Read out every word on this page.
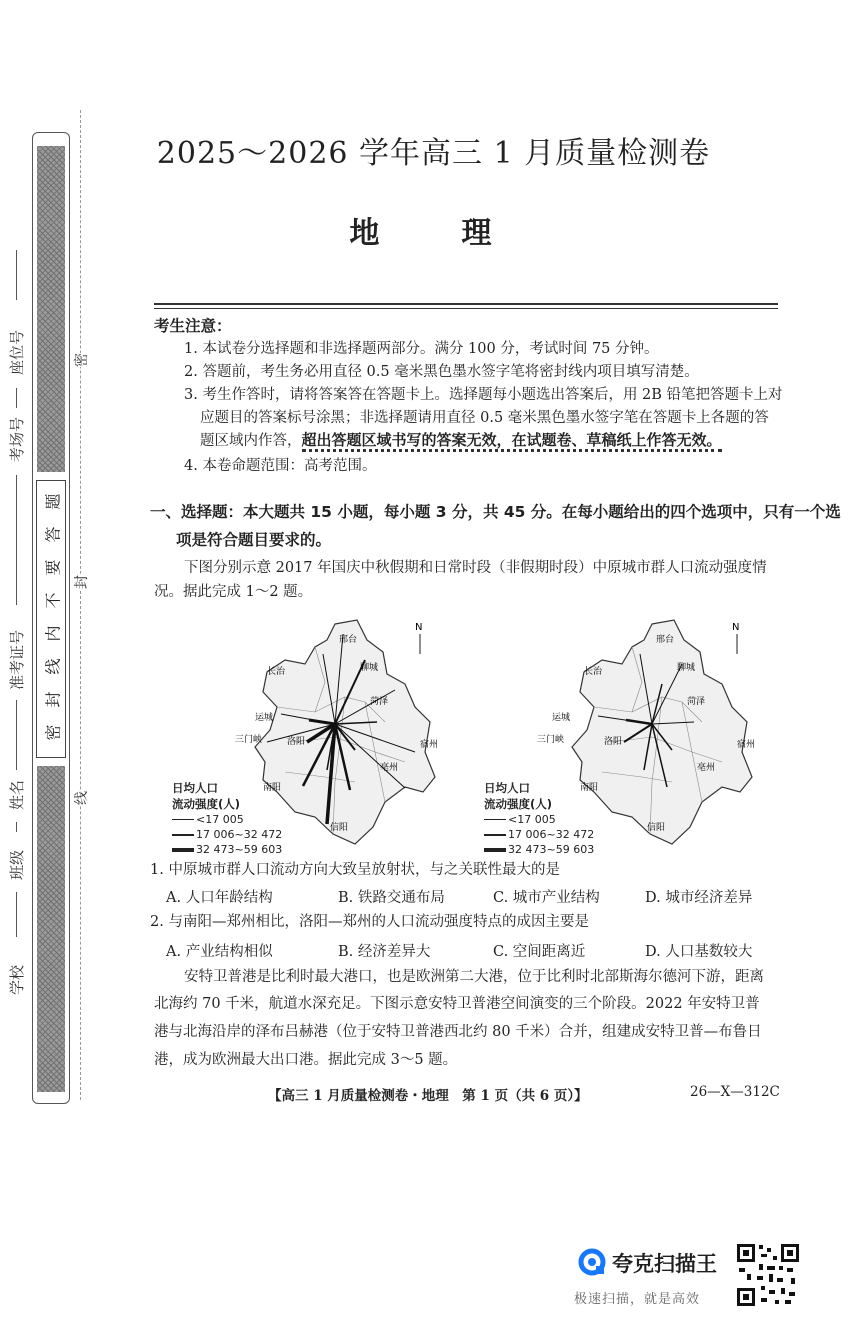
密
封
线
内
不
要
答
题
座位号
考场号
准考证号
姓名
班级
学校
密
封
线
2025～2026 学年高三 1 月质量检测卷
地　理
考生注意：
1. 本试卷分选择题和非选择题两部分。满分 100 分，考试时间 75 分钟。
2. 答题前，考生务必用直径 0.5 毫米黑色墨水签字笔将密封线内项目填写清楚。
3. 考生作答时，请将答案答在答题卡上。选择题每小题选出答案后，用 2B 铅笔把答题卡上对
应题目的答案标号涂黑；非选择题请用直径 0.5 毫米黑色墨水签字笔在答题卡上各题的答
题区域内作答，超出答题区域书写的答案无效，在试题卷、草稿纸上作答无效。
4. 本卷命题范围：高考范围。
一、选择题：本大题共 15 小题，每小题 3 分，共 45 分。在每小题给出的四个选项中，只有一个选
项是符合题目要求的。
下图分别示意 2017 年国庆中秋假期和日常时段（非假期时段）中原城市群人口流动强度情
况。据此完成 1～2 题。
邢台
聊城
长治
运城
菏泽
三门峡	洛阳
南阳
宿州
信阳
亳州
N
邢台
聊城
长治
运城
菏泽
三门峡	洛阳
南阳
宿州
信阳
亳州
N
日均人口
流动强度(人)
<17 005
17 006~32 472
32 473~59 603
日均人口
流动强度(人)
<17 005
17 006~32 472
32 473~59 603
1. 中原城市群人口流动方向大致呈放射状，与之关联性最大的是
A. 人口年龄结构	B. 铁路交通布局	C. 城市产业结构	D. 城市经济差异
2. 与南阳—郑州相比，洛阳—郑州的人口流动强度特点的成因主要是
A. 产业结构相似	B. 经济差异大	C. 空间距离近	D. 人口基数较大
安特卫普港是比利时最大港口，也是欧洲第二大港，位于比利时北部斯海尔德河下游，距离
北海约 70 千米，航道水深充足。下图示意安特卫普港空间演变的三个阶段。2022 年安特卫普
港与北海沿岸的泽布吕赫港（位于安特卫普港西北约 80 千米）合并，组建成安特卫普—布鲁日
港，成为欧洲最大出口港。据此完成 3～5 题。
【高三 1 月质量检测卷・地理　第 1 页（共 6 页）】	26—X—312C
夸克扫描王
极速扫描，就是高效
